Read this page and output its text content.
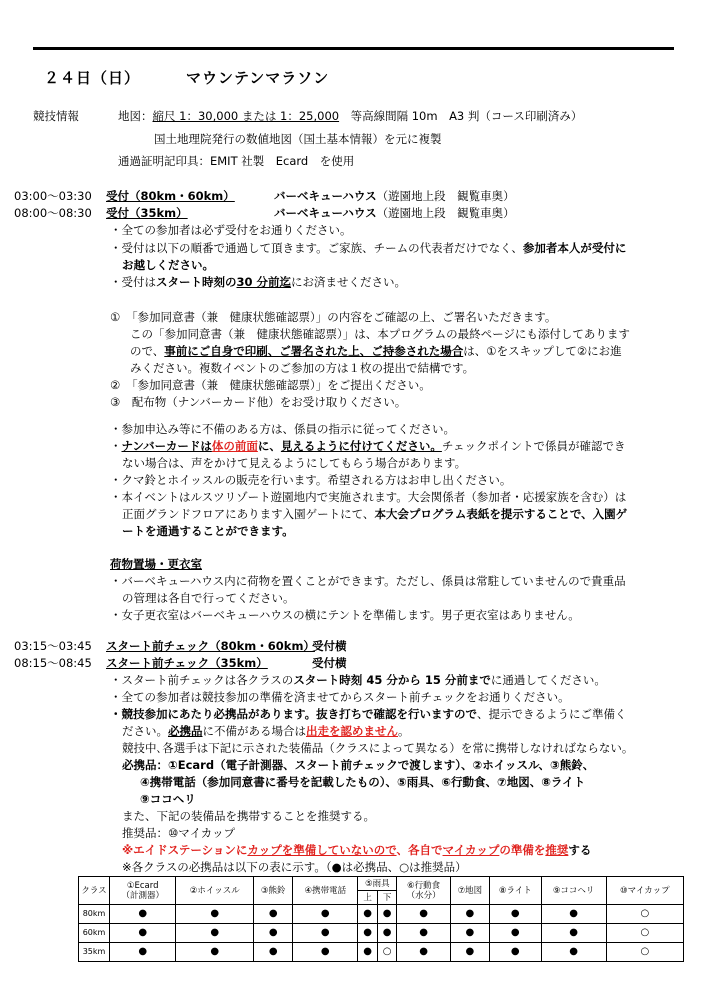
２４日（日）	マウンテンマラソン
競技情報	地図：縮尺 1：30,000 または 1：25,000　等高線間隔 10m　A3 判（コース印刷済み）
国土地理院発行の数値地図（国土基本情報）を元に複製
通過証明記印具：EMIT 社製　Ecard　を使用
03:00～03:30 受付（80km・60km）	バーベキューハウス（遊園地上段　観覧車奥）
08:00～08:30 受付（35km）	バーベキューハウス（遊園地上段　観覧車奥）
・全ての参加者は必ず受付をお通りください。
・受付は以下の順番で通過して頂きます。ご家族、チームの代表者だけでなく、参加者本人が受付に
お越しください。
・受付はスタート時刻の30 分前迄にお済ませください。
①　 「参加同意書（兼　健康状態確認票）」の内容をご確認の上、ご署名いただきます。
この「参加同意書（兼　健康状態確認票）」は、本プログラムの最終ページにも添付してあります
ので、事前にご自身で印刷、ご署名された上、ご持参された場合は、①をスキップして②にお進
みください。複数イベントのご参加の方は１枚の提出で結構です。
②　 「参加同意書（兼　健康状態確認票）」をご提出ください。
③　 配布物（ナンバーカード他）をお受け取りください。
・参加申込み等に不備のある方は、係員の指示に従ってください。
・ナンバーカードは体の前面に、見えるように付けてください。チェックポイントで係員が確認でき
ない場合は、声をかけて見えるようにしてもらう場合があります。
・クマ鈴とホイッスルの販売を行います。希望される方はお申し出ください。
・本イベントはルスツリゾート遊園地内で実施されます。大会関係者（参加者・応援家族を含む）は
正面グランドフロアにあります入園ゲートにて、本大会プログラム表紙を提示することで、入園ゲ
ートを通過することができます。
荷物置場・更衣室
・バーベキューハウス内に荷物を置くことができます。ただし、係員は常駐していませんので貴重品
の管理は各自で行ってください。
・女子更衣室はバーベキューハウスの横にテントを準備します。男子更衣室はありません。
03:15～03:45 スタート前チェック（80km・60km）受付横
08:15～08:45 スタート前チェック（35km）	受付横
・スタート前チェックは各クラスのスタート時刻 45 分から 15 分前までに通過してください。
・全ての参加者は競技参加の準備を済ませてからスタート前チェックをお通りください。
・競技参加にあたり必携品があります。抜き打ちで確認を行いますので、提示できるようにご準備く
ださい。必携品に不備がある場合は出走を認めません。
競技中､各選手は下記に示された装備品（クラスによって異なる）を常に携帯しなければならない。
必携品：①Ecard（電子計測器、スタート前チェックで渡します）、②ホイッスル、③熊鈴、
④携帯電話（参加同意書に番号を記載したもの）、⑤雨具、⑥行動食、⑦地図、⑧ライト
⑨ココヘリ
また、下記の装備品を携帯することを推奨する。
推奨品：⑩マイカップ
※エイドステーションにカップを準備していないので、各自でマイカップの準備を推奨する
※各クラスの必携品は以下の表に示す。（●は必携品、○は推奨品）
クラス	①Ecard
（計測器）	②ホイッスル	③熊鈴	④携帯電話	⑤雨具		⑥行動食
（水分）	⑦地図	⑧ライト	⑨ココヘリ	⑩マイカップ
					上	下					
80km	●	●	●	●	●	●	●	●	●	●	○
60km	●	●	●	●	●	●	●	●	●	●	○
35km	●	●	●	●	●	○	●	●	●	●	○
